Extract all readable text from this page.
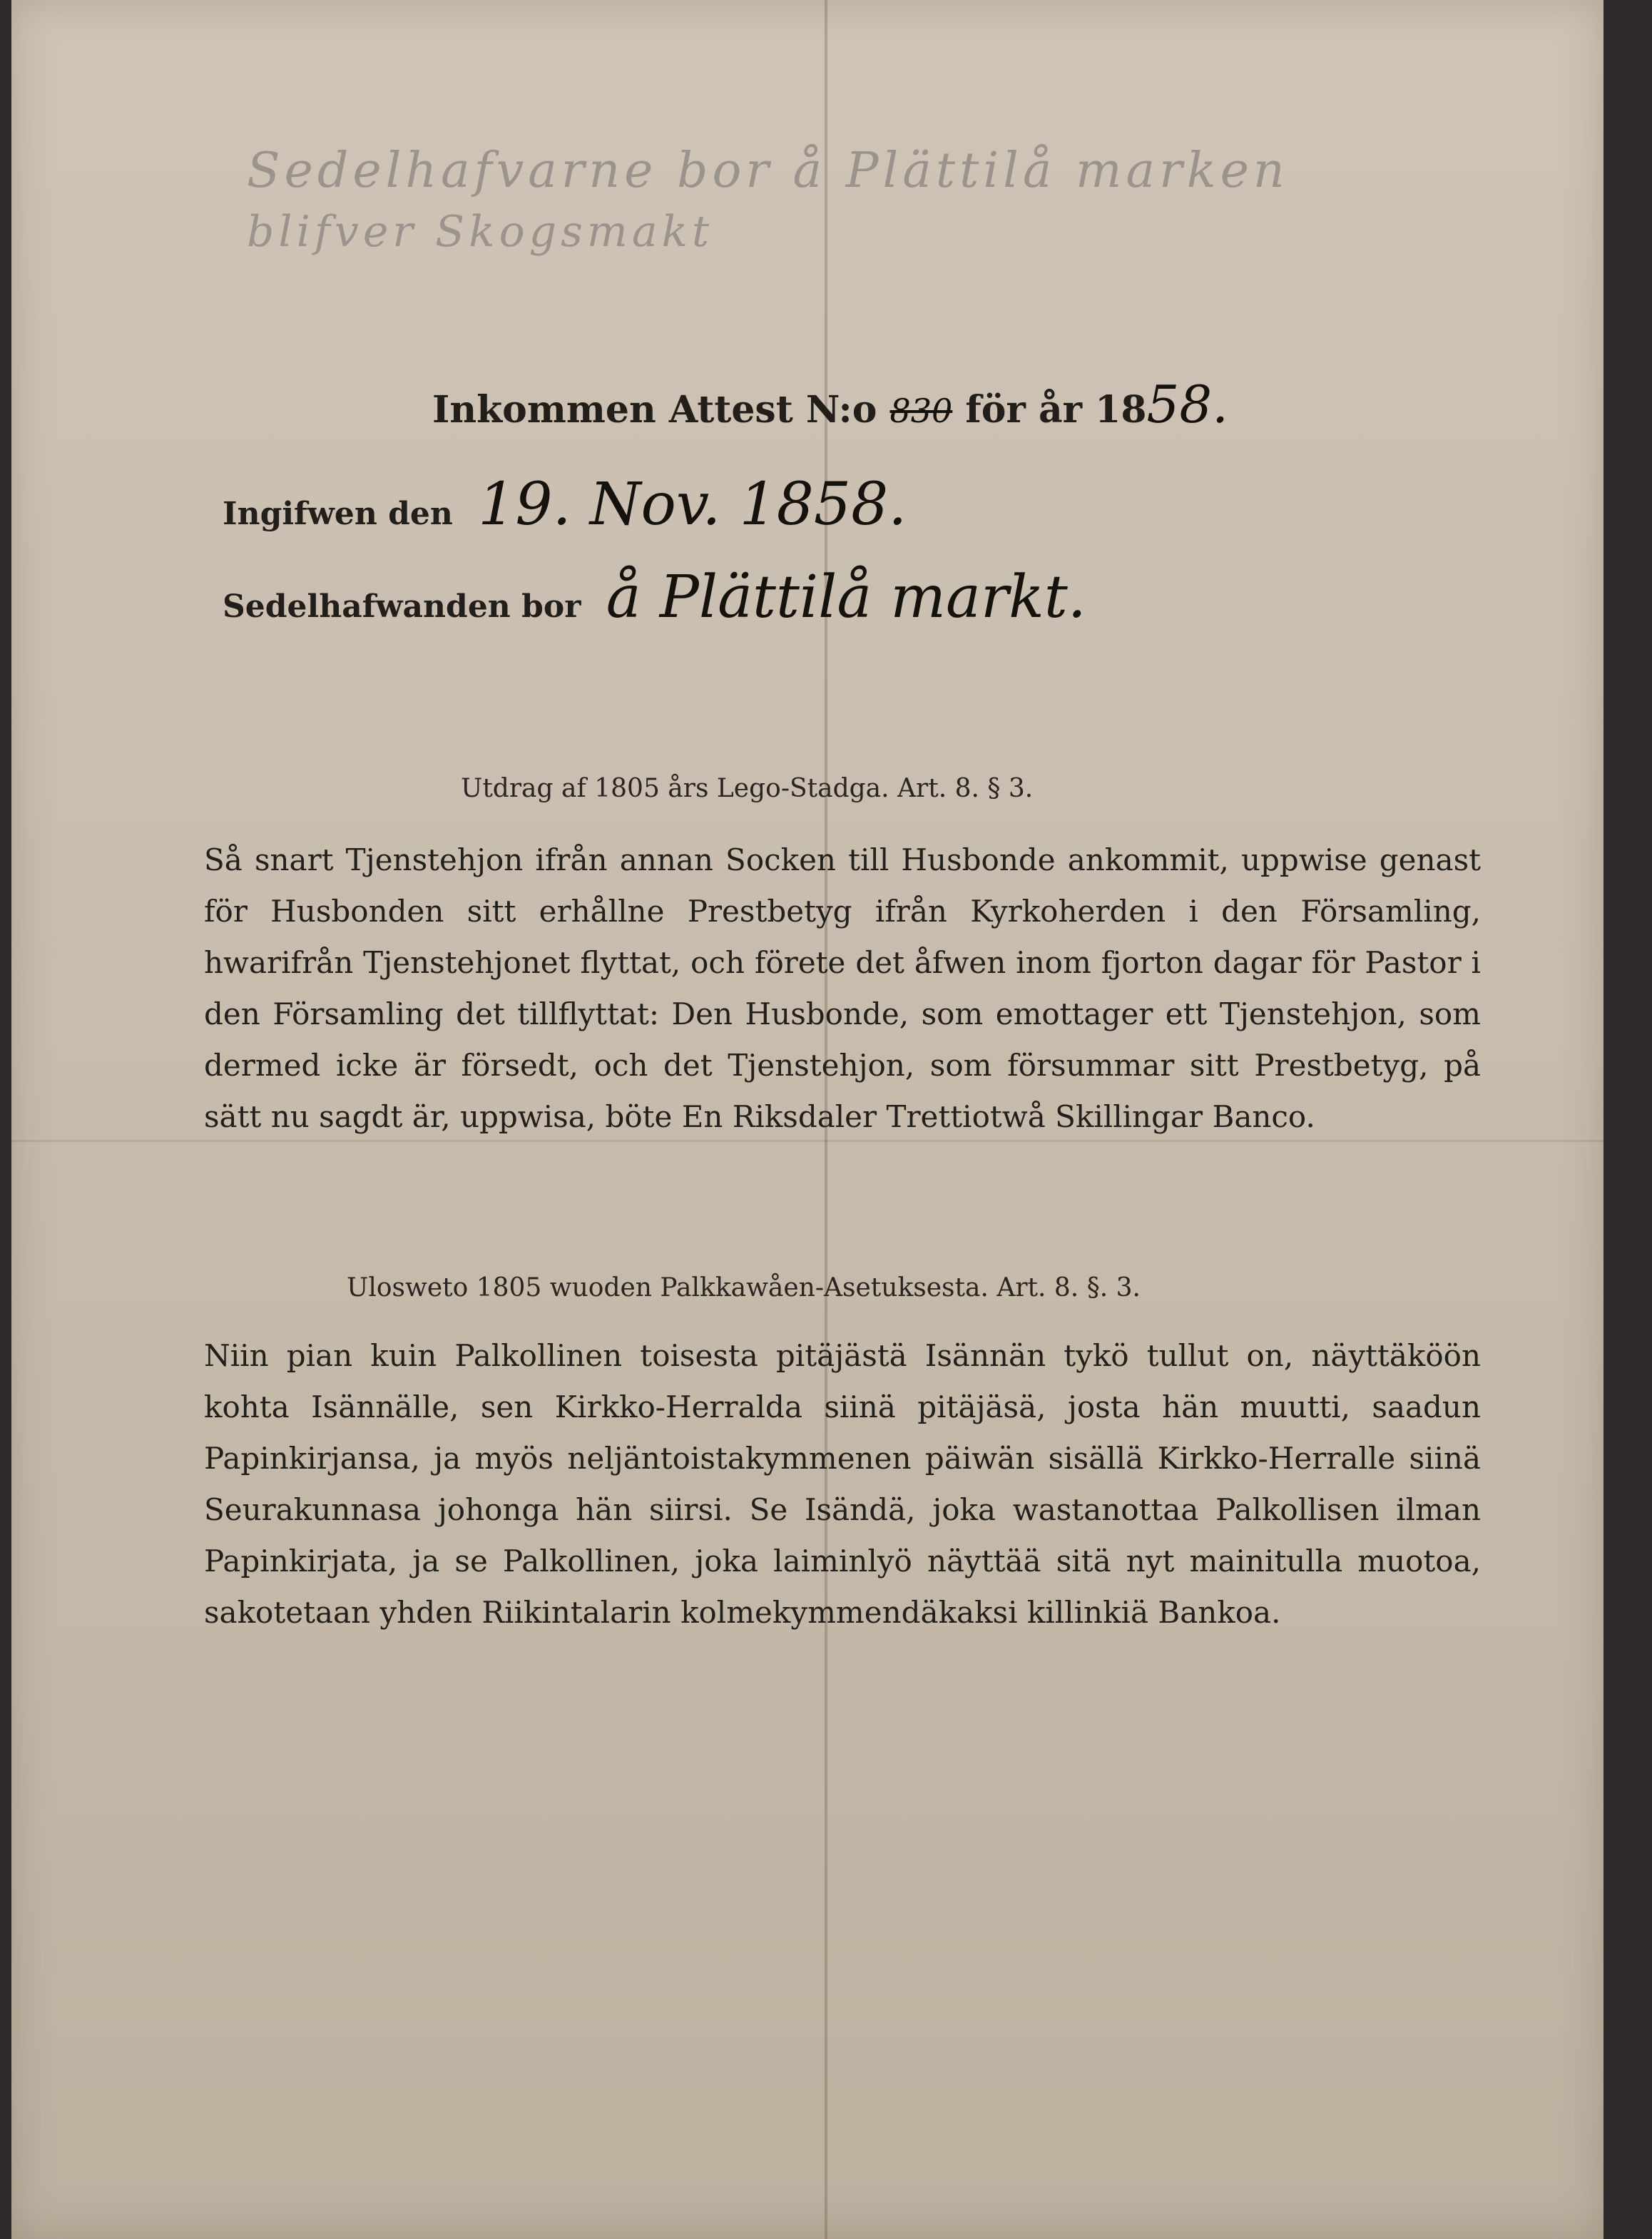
Sedelhafvarne bor å Plättilå marken
blifver Skogsmakt
Inkommen Attest N:o 830 för år 1858.
Ingifwen den 19. Nov. 1858.
Sedelhafwanden bor å Plättilå markt.
Utdrag af 1805 års Lego-Stadga. Art. 8. § 3.
Så snart Tjenstehjon ifrån annan Socken till Husbonde ankommit, uppwise genast för Husbonden sitt erhållne Prestbetyg ifrån Kyrkoherden i den Församling, hwarifrån Tjenstehjonet flyttat, och förete det åfwen inom fjorton dagar för Pastor i den Församling det tillflyttat: Den Husbonde, som emottager ett Tjenstehjon, som dermed icke är försedt, och det Tjenstehjon, som försummar sitt Prestbetyg, på sätt nu sagdt är, uppwisa, böte En Riksdaler Trettiotwå Skillingar Banco.
Ulosweto 1805 wuoden Palkkawåen-Asetuksesta. Art. 8. §. 3.
Niin pian kuin Palkollinen toisesta pitäjästä Isännän tykö tullut on, näyttäköön kohta Isännälle, sen Kirkko-Herralda siinä pitäjäsä, josta hän muutti, saadun Papinkirjansa, ja myös neljäntoistakymmenen päiwän sisällä Kirkko-Herralle siinä Seurakunnasa johonga hän siirsi. Se Isändä, joka wastanottaa Palkollisen ilman Papinkirjata, ja se Palkollinen, joka laiminlyö näyttää sitä nyt mainitulla muotoa, sakotetaan yhden Riikintalarin kolmekymmendäkaksi killinkiä Bankoa.
